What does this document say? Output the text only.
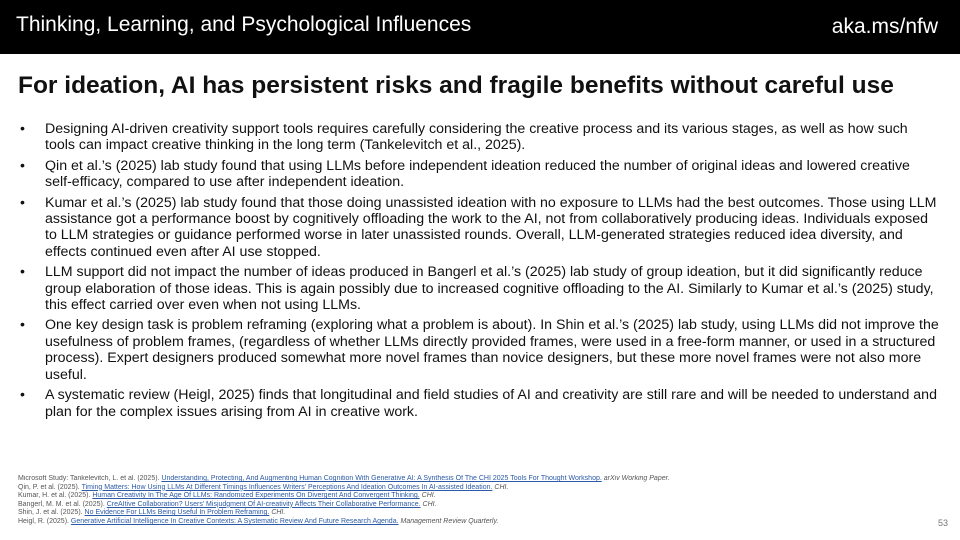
Thinking, Learning, and Psychological Influences	aka.ms/nfw
For ideation, AI has persistent risks and fragile benefits without careful use
• Designing AI-driven creativity support tools requires carefully considering the creative process and its various stages, as well as how such tools can impact creative thinking in the long term (Tankelevitch et al., 2025).
• Qin et al.’s (2025) lab study found that using LLMs before independent ideation reduced the number of original ideas and lowered creative self-efficacy, compared to use after independent ideation.
• Kumar et al.’s (2025) lab study found that those doing unassisted ideation with no exposure to LLMs had the best outcomes. Those using LLM assistance got a performance boost by cognitively offloading the work to the AI, not from collaboratively producing ideas. Individuals exposed to LLM strategies or guidance performed worse in later unassisted rounds. Overall, LLM-generated strategies reduced idea diversity, and effects continued even after AI use stopped.
• LLM support did not impact the number of ideas produced in Bangerl et al.’s (2025) lab study of group ideation, but it did significantly reduce group elaboration of those ideas. This is again possibly due to increased cognitive offloading to the AI. Similarly to Kumar et al.’s (2025) study, this effect carried over even when not using LLMs.
• One key design task is problem reframing (exploring what a problem is about). In Shin et al.’s (2025) lab study, using LLMs did not improve the usefulness of problem frames, (regardless of whether LLMs directly provided frames, were used in a free-form manner, or used in a structured process). Expert designers produced somewhat more novel frames than novice designers, but these more novel frames were not also more useful.
• A systematic review (Heigl, 2025) finds that longitudinal and field studies of AI and creativity are still rare and will be needed to understand and plan for the complex issues arising from AI in creative work.
Microsoft Study: Tankelevitch, L. et al. (2025). Understanding, Protecting, And Augmenting Human Cognition With Generative AI: A Synthesis Of The CHI 2025 Tools For Thought Workshop. arXiv Working Paper.
Qin, P. et al. (2025). Timing Matters: How Using LLMs At Different Timings Influences Writers’ Perceptions And Ideation Outcomes In AI-assisted Ideation. CHI.
Kumar, H. et al. (2025). Human Creativity In The Age Of LLMs: Randomized Experiments On Divergent And Convergent Thinking. CHI.
Bangerl, M. M. et al. (2025). CreAItive Collaboration? Users’ Misjudgment Of AI-creativity Affects Their Collaborative Performance. CHI.
Shin, J. et al. (2025). No Evidence For LLMs Being Useful In Problem Reframing. CHI.
Heigl, R. (2025). Generative Artificial Intelligence In Creative Contexts: A Systematic Review And Future Research Agenda. Management Review Quarterly.	53
